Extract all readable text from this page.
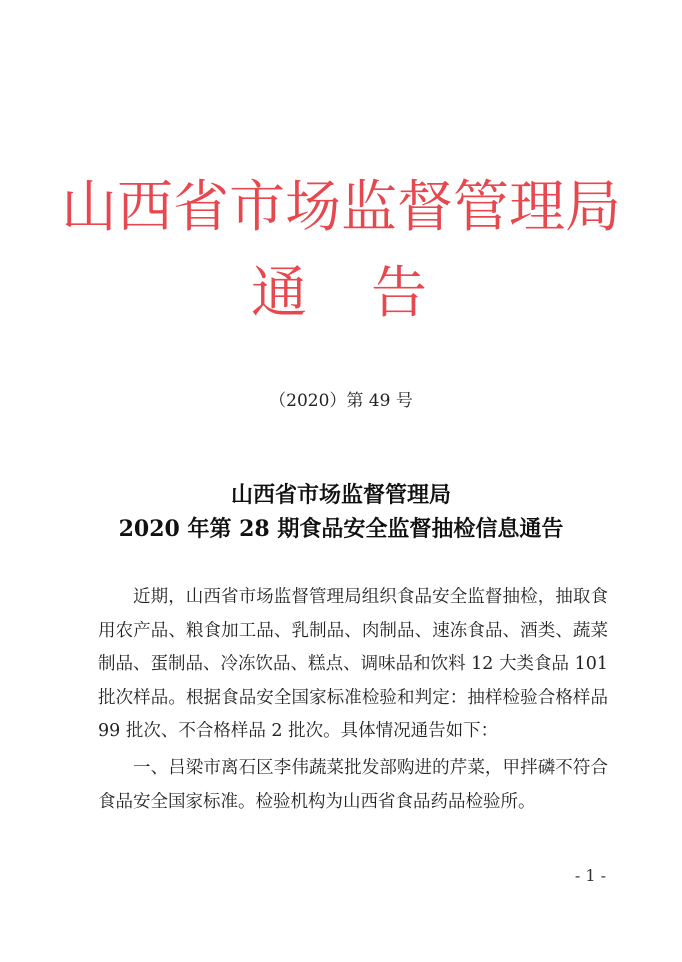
山西省市场监督管理局
通　告
（2020）第 49 号
山西省市场监督管理局
2020 年第 28 期食品安全监督抽检信息通告

近期，山西省市场监督管理局组织食品安全监督抽检，抽取食用农产品、粮食加工品、乳制品、肉制品、速冻食品、酒类、蔬菜制品、蛋制品、冷冻饮品、糕点、调味品和饮料 12 大类食品 101 批次样品。根据食品安全国家标准检验和判定：抽样检验合格样品 99 批次、不合格样品 2 批次。具体情况通告如下：

一、吕梁市离石区李伟蔬菜批发部购进的芹菜，甲拌磷不符合食品安全国家标准。检验机构为山西省食品药品检验所。

- 1 -
